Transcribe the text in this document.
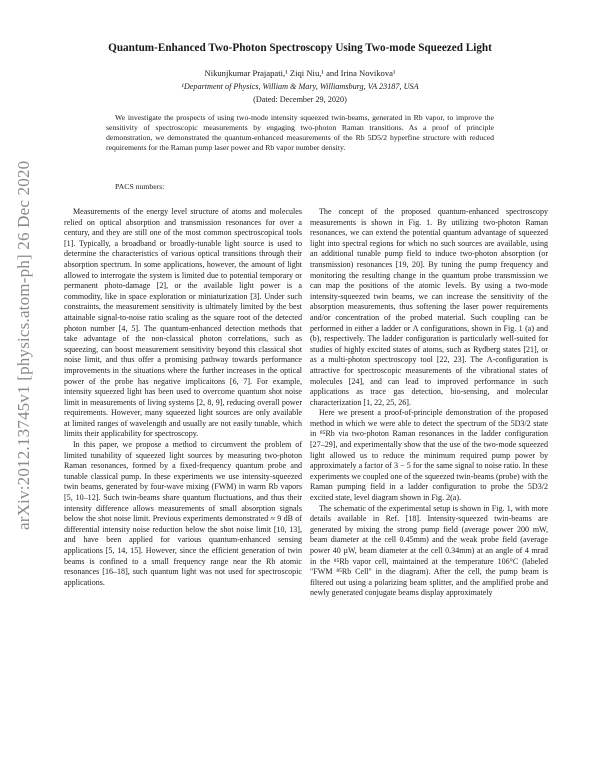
arXiv:2012.13745v1 [physics.atom-ph] 26 Dec 2020
Quantum-Enhanced Two-Photon Spectroscopy Using Two-mode Squeezed Light
Nikunjkumar Prajapati,¹ Ziqi Niu,¹ and Irina Novikova¹
¹Department of Physics, William & Mary, Williamsburg, VA 23187, USA
(Dated: December 29, 2020)
We investigate the prospects of using two-mode intensity squeezed twin-beams, generated in Rb vapor, to improve the sensitivity of spectroscopic measurements by engaging two-photon Raman transitions. As a proof of principle demonstration, we demonstrated the quantum-enhanced measurements of the Rb 5D5/2 hyperfine structure with reduced requirements for the Raman pump laser power and Rb vapor number density.
PACS numbers:

Measurements of the energy level structure of atoms and molecules relied on optical absorption and transmission resonances for over a century, and they are still one of the most common spectroscopical tools [1]. Typically, a broadband or broadly-tunable light source is used to determine the characteristics of various optical transitions through their absorption spectrum. In some applications, however, the amount of light allowed to interrogate the system is limited due to potential temporary or permanent photo-damage [2], or the available light power is a commodity, like in space exploration or miniaturization [3]. Under such constraints, the measurement sensitivity is ultimately limited by the best attainable signal-to-noise ratio scaling as the square root of the detected photon number [4, 5]. The quantum-enhanced detection methods that take advantage of the non-classical photon correlations, such as squeezing, can boost measurement sensitivity beyond this classical shot noise limit, and thus offer a promising pathway towards performance improvements in the situations where the further increases in the optical power of the probe has negative implicaitons [6, 7]. For example, intensity squeezed light has been used to overcome quantum shot noise limit in measurements of living systems [2, 8, 9], reducing overall power requirements. However, many squeezed light sources are only available at limited ranges of wavelength and usually are not easily tunable, which limits their applicability for spectroscopy.

In this paper, we propose a method to circumvent the problem of limited tunability of squeezed light sources by measuring two-photon Raman resonances, formed by a fixed-frequency quantum probe and tunable classical pump. In these experiments we use intensity-squeezed twin beams, generated by four-wave mixing (FWM) in warm Rb vapors [5, 10–12]. Such twin-beams share quantum fluctuations, and thus their intensity difference allows measurements of small absorption signals below the shot noise limit. Previous experiments demonstrated ≈ 9 dB of differential intensity noise reduction below the shot noise limit [10, 13], and have been applied for various quantum-enhanced sensing applications [5, 14, 15]. However, since the efficient generation of twin beams is confined to a small frequency range near the Rb atomic resonances [16–18], such quantum light was not used for spectroscopic applications.

The concept of the proposed quantum-enhanced spectroscopy measurements is shown in Fig. 1. By utilizing two-photon Raman resonances, we can extend the potential quantum advantage of squeezed light into spectral regions for which no such sources are available, using an additional tunable pump field to induce two-photon absorption (or transmission) resonances [19, 20]. By tuning the pump frequency and monitoring the resulting change in the quantum probe transmission we can map the positions of the atomic levels. By using a two-mode intensity-squeezed twin beams, we can increase the sensitivity of the absorption measurements, thus softening the laser power requirements and/or concentration of the probed material. Such coupling can be performed in either a ladder or Λ configurations, shown in Fig. 1 (a) and (b), respectively. The ladder configuration is particularly well-suited for studies of highly excited states of atoms, such as Rydberg states [21], or as a multi-photon spectroscopy tool [22, 23]. The Λ-configuration is attractive for spectroscopic measurements of the vibrational states of molecules [24], and can lead to improved performance in such applications as trace gas detection, bio-sensing, and molecular characterization [1, 22, 25, 26].

Here we present a proof-of-principle demonstration of the proposed method in which we were able to detect the spectrum of the 5D3/2 state in ⁸⁵Rb via two-photon Raman resonances in the ladder configuration [27–29], and experimentally show that the use of the two-mode squeezed light allowed us to reduce the minimum required pump power by approximately a factor of 3 − 5 for the same signal to noise ratio. In these experiments we coupled one of the squeezed twin-beams (probe) with the Raman pumping field in a ladder configuration to probe the 5D3/2 excited state, level diagram shown in Fig. 2(a).

The schematic of the experimental setup is shown in Fig. 1, with more details available in Ref. [18]. Intensity-squeezed twin-beams are generated by mixing the strong pump field (average power 200 mW, beam diameter at the cell 0.45mm) and the weak probe field (average power 40 µW, beam diameter at the cell 0.34mm) at an angle of 4 mrad in the ⁸⁵Rb vapor cell, maintained at the temperature 106°C (labeled "FWM ⁸⁵Rb Cell" in the diagram). After the cell, the pump beam is filtered out using a polarizing beam splitter, and the amplified probe and newly generated conjugate beams display approximately
